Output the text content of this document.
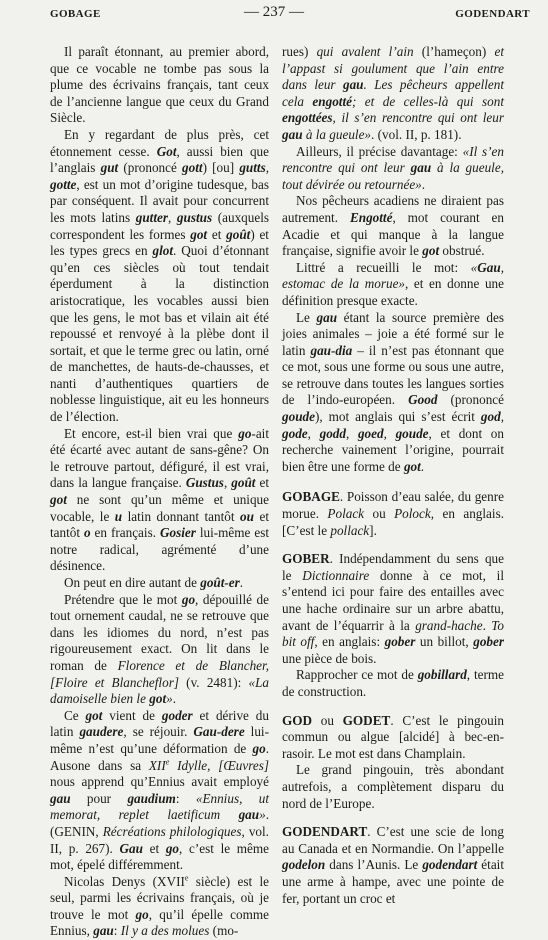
GOBAGE	— 237 —	GODENDART

Il paraît étonnant, au premier abord, que ce vocable ne tombe pas sous la plume des écrivains français, tant ceux de l’ancienne langue que ceux du Grand Siècle.

En y regardant de plus près, cet étonnement cesse. Got, aussi bien que l’anglais gut (prononcé gott) [ou] gutts, gotte, est un mot d’origine tudesque, bas par conséquent. Il avait pour concurrent les mots latins gutter, gustus (auxquels correspondent les formes got et goût) et les types grecs en glot. Quoi d’étonnant qu’en ces siècles où tout tendait éperdument à la distinction aristocratique, les vocables aussi bien que les gens, le mot bas et vilain ait été repoussé et renvoyé à la plèbe dont il sortait, et que le terme grec ou latin, orné de manchettes, de hauts-de-chausses, et nanti d’authentiques quartiers de noblesse linguistique, ait eu les honneurs de l’élection.

Et encore, est-il bien vrai que go-ait été écarté avec autant de sans-gêne? On le retrouve partout, défiguré, il est vrai, dans la langue française. Gustus, goût et got ne sont qu’un même et unique vocable, le u latin donnant tantôt ou et tantôt o en français. Gosier lui-même est notre radical, agrémenté d’une désinence.

On peut en dire autant de goût-er.

Prétendre que le mot go, dépouillé de tout ornement caudal, ne se retrouve que dans les idiomes du nord, n’est pas rigoureusement exact. On lit dans le roman de Florence et de Blancher, [Floire et Blancheflor] (v. 2481): «La damoiselle bien le got».

Ce got vient de goder et dérive du latin gaudere, se réjouir. Gau-dere lui-même n’est qu’une déformation de go. Ausone dans sa XIIe Idylle, [Œuvres] nous apprend qu’Ennius avait employé gau pour gaudium: «Ennius, ut memorat, replet laetificum gau». (GENIN, Récréations philologiques, vol. II, p. 267). Gau et go, c’est le même mot, épelé différemment.

Nicolas Denys (XVIIe siècle) est le seul, parmi les écrivains français, où je trouve le mot go, qu’il épelle comme Ennius, gau: Il y a des molues (mo-

rues) qui avalent l’ain (l’hameçon) et l’appast si goulument que l’ain entre dans leur gau. Les pêcheurs appellent cela engotté; et de celles-là qui sont engottées, il s’en rencontre qui ont leur gau à la gueule». (vol. II, p. 181).

Ailleurs, il précise davantage: «Il s’en rencontre qui ont leur gau à la gueule, tout dévirée ou retournée».

Nos pêcheurs acadiens ne diraient pas autrement. Engotté, mot courant en Acadie et qui manque à la langue française, signifie avoir le got obstrué.

Littré a recueilli le mot: «Gau, estomac de la morue», et en donne une définition presque exacte.

Le gau étant la source première des joies animales – joie a été formé sur le latin gau-dia – il n’est pas étonnant que ce mot, sous une forme ou sous une autre, se retrouve dans toutes les langues sorties de l’indo-européen. Good (prononcé goude), mot anglais qui s’est écrit god, gode, godd, goed, goude, et dont on recherche vainement l’origine, pourrait bien être une forme de got.

GOBAGE. Poisson d’eau salée, du genre morue. Polack ou Polock, en anglais. [C’est le pollack].

GOBER. Indépendamment du sens que le Dictionnaire donne à ce mot, il s’entend ici pour faire des entailles avec une hache ordinaire sur un arbre abattu, avant de l’équarrir à la grand-hache. To bit off, en anglais: gober un billot, gober une pièce de bois.

Rapprocher ce mot de gobillard, terme de construction.

GOD ou GODET. C’est le pingouin commun ou algue [alcidé] à bec-en-rasoir. Le mot est dans Champlain.

Le grand pingouin, très abondant autrefois, a complètement disparu du nord de l’Europe.

GODENDART. C’est une scie de long au Canada et en Normandie. On l’appelle godelon dans l’Aunis. Le godendart était une arme à hampe, avec une pointe de fer, portant un croc et
